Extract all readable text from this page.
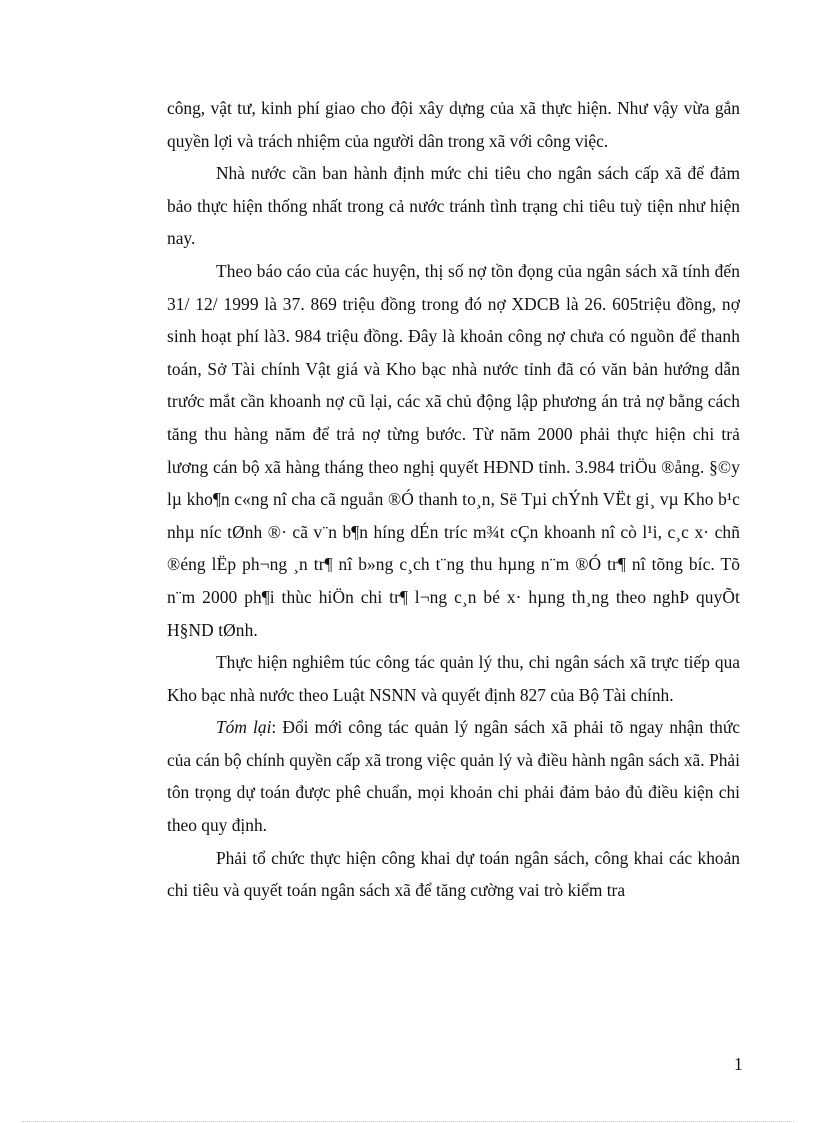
công, vật tư, kinh phí giao cho đội xây dựng của xã thực hiện. Như vậy vừa gắn quyền lợi và trách nhiệm của người dân trong xã với công việc.

Nhà nước cần ban hành định mức chi tiêu cho ngân sách cấp xã để đảm bảo thực hiện thống nhất trong cả nước tránh tình trạng chi tiêu tuỳ tiện như hiện nay.

Theo báo cáo của các huyện, thị số nợ tồn đọng của ngân sách xã tính đến 31/ 12/ 1999 là 37. 869 triệu đồng trong đó nợ XDCB là 26. 605triệu đồng, nợ sinh hoạt phí là3. 984 triệu đồng. Đây là khoản công nợ chưa có nguồn để thanh toán, Sở Tài chính Vật giá và Kho bạc nhà nước tỉnh đã có văn bản hướng dẫn trước mắt cần khoanh nợ cũ lại, các xã chủ động lập phương án trả nợ bằng cách tăng thu hàng năm để trả nợ từng bước. Từ năm 2000 phải thực hiện chi trả lương cán bộ xã hàng tháng theo nghị quyết HĐND tỉnh. 3.984 triÖu ®ång. §©y lµ kho¶n c«ng nî cha cã nguån ®Ó thanh to¸n, Së Tµi chÝnh VËt gi¸ vµ Kho b¹c nhµ níc tØnh ®· cã v¨n b¶n híng dÉn tríc m¾t cÇn khoanh nî cò l¹i, c¸c x· chñ ®éng lËp ph¬ng ¸n tr¶ nî b»ng c¸ch t¨ng thu hµng n¨m ®Ó tr¶ nî tõng bíc. Tõ n¨m 2000 ph¶i thùc hiÖn chi tr¶ l¬ng c¸n bé x· hµng th¸ng theo nghÞ quyÕt H§ND tØnh.

Thực hiện nghiêm túc công tác quản lý thu, chi ngân sách xã trực tiếp qua Kho bạc nhà nước theo Luật NSNN và quyết định 827 của Bộ Tài chính.

Tóm lại: Đổi mới công tác quản lý ngân sách xã phải tõ ngay nhận thức của cán bộ chính quyền cấp xã trong việc quản lý và điều hành ngân sách xã. Phải tôn trọng dự toán được phê chuẩn, mọi khoản chi phải đảm bảo đủ điều kiện chi theo quy định.

Phải tổ chức thực hiện công khai dự toán ngân sách, công khai các khoản chi tiêu và quyết toán ngân sách xã để tăng cường vai trò kiểm tra

1
